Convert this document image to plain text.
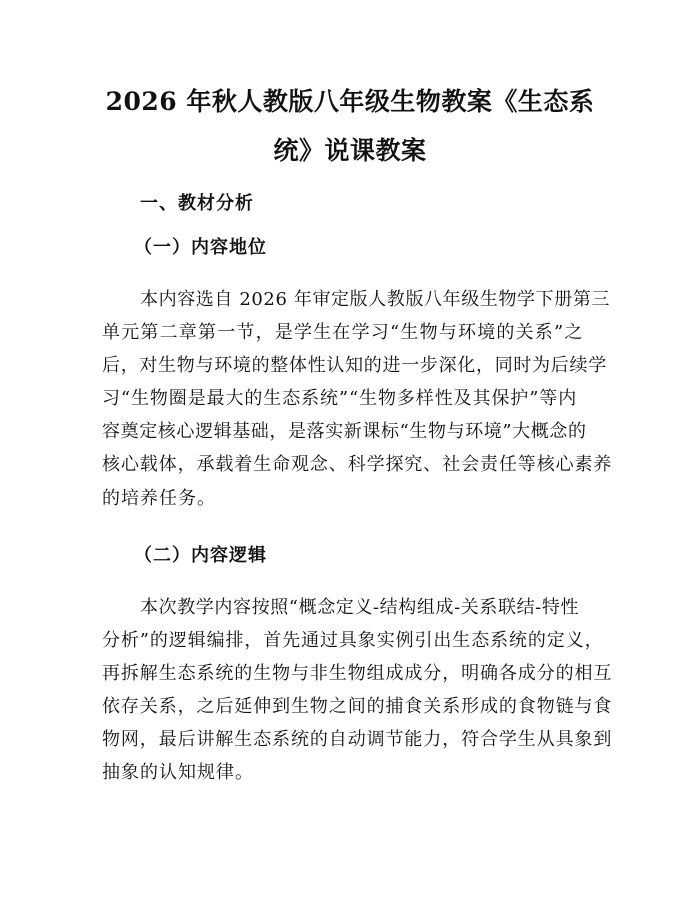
2026 年秋人教版八年级生物教案《生态系
统》说课教案
一、教材分析
（一）内容地位

本内容选自 2026 年审定版人教版八年级生物学下册第三

单元第二章第一节，是学生在学习“生物与环境的关系”之

后，对生物与环境的整体性认知的进一步深化，同时为后续学

习“生物圈是最大的生态系统”“生物多样性及其保护”等内

容奠定核心逻辑基础，是落实新课标“生物与环境”大概念的

核心载体，承载着生命观念、科学探究、社会责任等核心素养

的培养任务。

（二）内容逻辑

本次教学内容按照“概念定义-结构组成-关系联结-特性

分析”的逻辑编排，首先通过具象实例引出生态系统的定义，

再拆解生态系统的生物与非生物组成成分，明确各成分的相互

依存关系，之后延伸到生物之间的捕食关系形成的食物链与食

物网，最后讲解生态系统的自动调节能力，符合学生从具象到

抽象的认知规律。
